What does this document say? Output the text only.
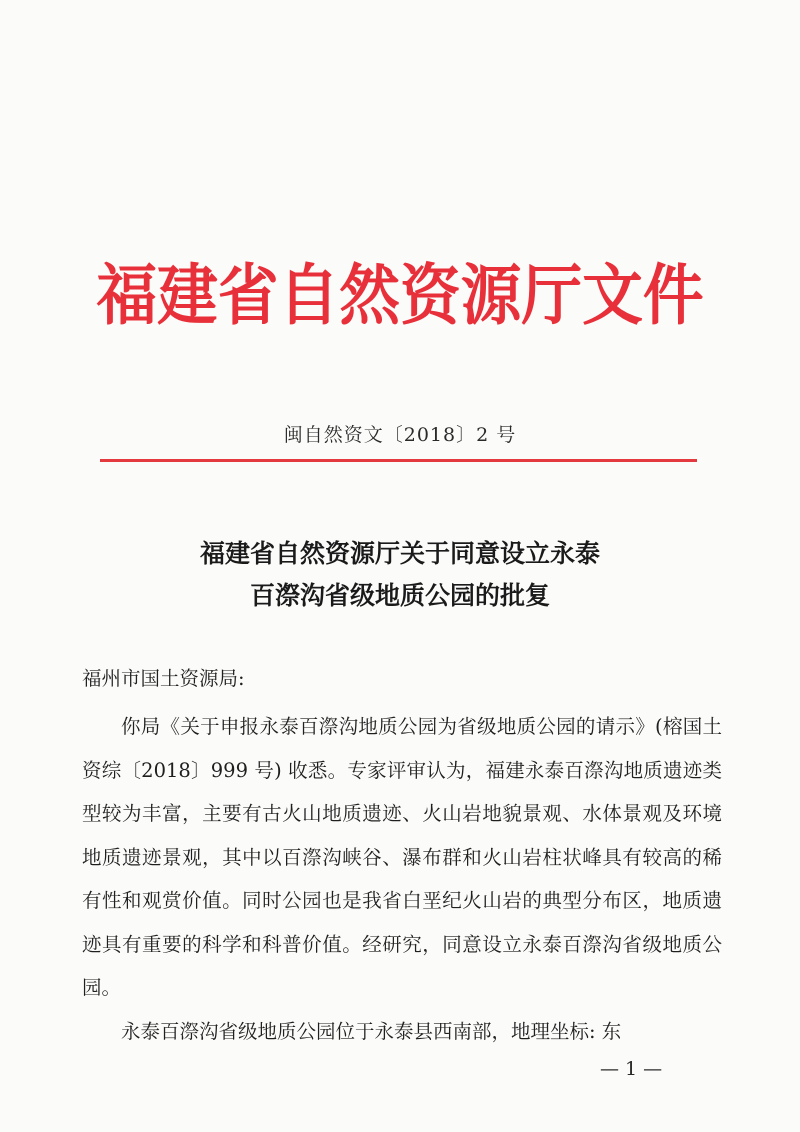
福建省自然资源厅文件
闽自然资文〔2018〕2 号
福建省自然资源厅关于同意设立永泰
百漈沟省级地质公园的批复
福州市国土资源局:

你局《关于申报永泰百漈沟地质公园为省级地质公园的请示》(榕国土资综〔2018〕999 号) 收悉。专家评审认为，福建永泰百漈沟地质遗迹类型较为丰富，主要有古火山地质遗迹、火山岩地貌景观、水体景观及环境地质遗迹景观，其中以百漈沟峡谷、瀑布群和火山岩柱状峰具有较高的稀有性和观赏价值。同时公园也是我省白垩纪火山岩的典型分布区，地质遗迹具有重要的科学和科普价值。经研究，同意设立永泰百漈沟省级地质公园。

永泰百漈沟省级地质公园位于永泰县西南部，地理坐标: 东

— 1 —
